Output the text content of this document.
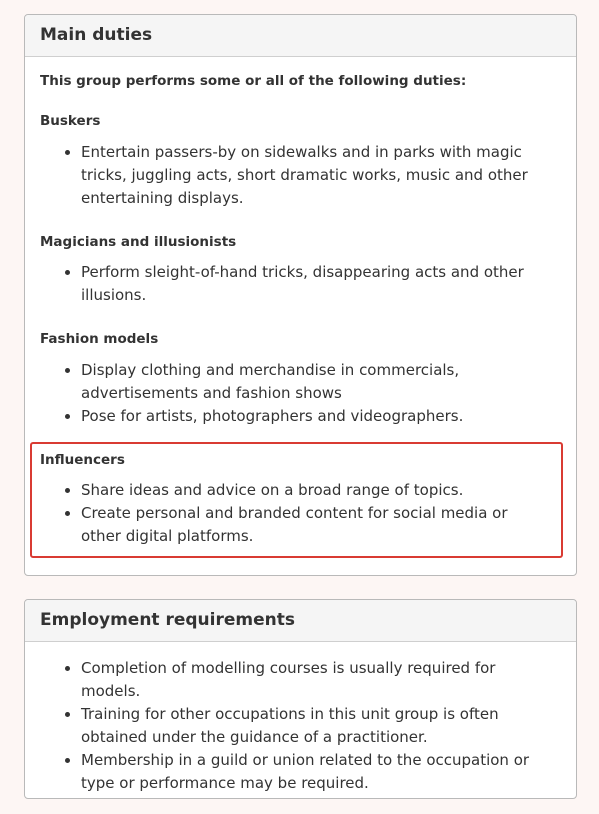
Main duties
This group performs some or all of the following duties:
Buskers
• Entertain passers-by on sidewalks and in parks with magic tricks, juggling acts, short dramatic works, music and other entertaining displays.
Magicians and illusionists
• Perform sleight-of-hand tricks, disappearing acts and other illusions.
Fashion models
• Display clothing and merchandise in commercials, advertisements and fashion shows
• Pose for artists, photographers and videographers.
Influencers
• Share ideas and advice on a broad range of topics.
• Create personal and branded content for social media or other digital platforms.
Employment requirements
• Completion of modelling courses is usually required for models.
• Training for other occupations in this unit group is often obtained under the guidance of a practitioner.
• Membership in a guild or union related to the occupation or type or performance may be required.
